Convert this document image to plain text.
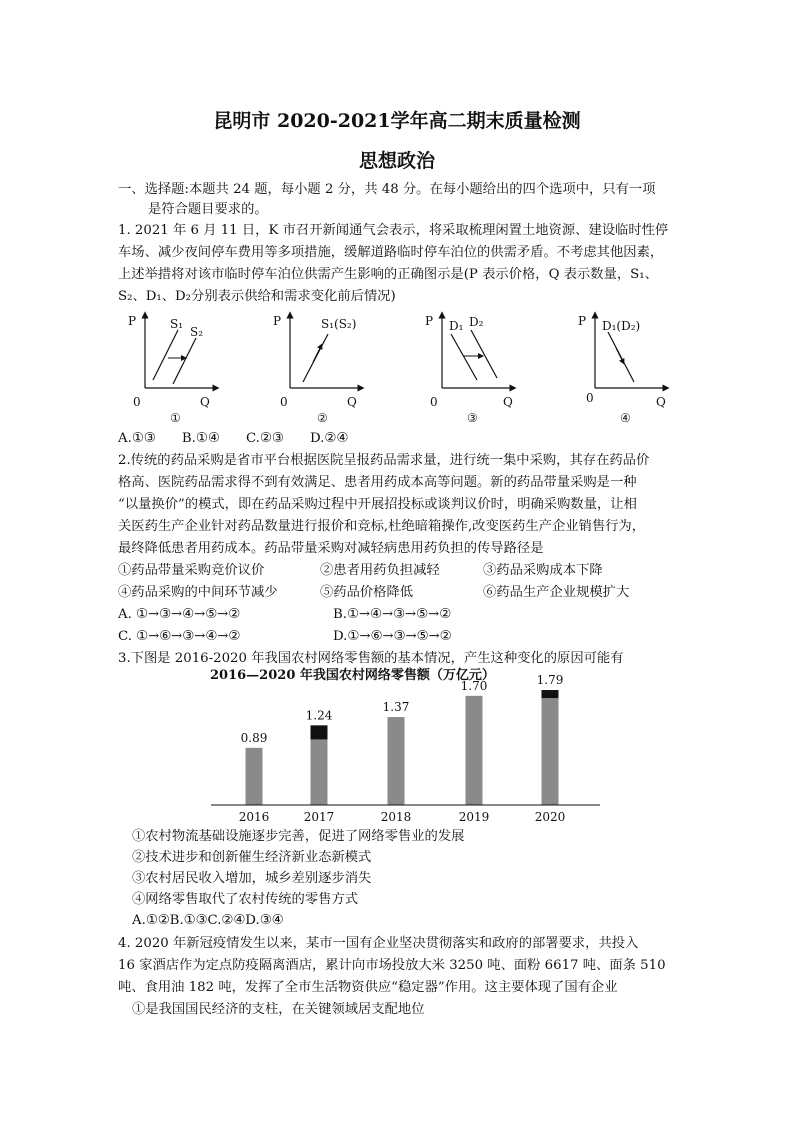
昆明市 2020-2021学年高二期末质量检测
思想政治
一、选择题:本题共 24 题，每小题 2 分，共 48 分。在每小题给出的四个选项中，只有一项
是符合题目要求的。
1. 2021 年 6 月 11 日，K 市召开新闻通气会表示，将采取梳理闲置土地资源、建设临时性停
车场、减少夜间停车费用等多项措施，缓解道路临时停车泊位的供需矛盾。不考虑其他因素，
上述举措将对该市临时停车泊位供需产生影响的正确图示是(P 表示价格，Q 表示数量，S₁、
S₂、D₁、D₂分别表示供给和需求变化前后情况)
P
Q
0
S₁
S₂
①
P
Q
0
S₁(S₂)
②
P
Q
0
D₁ D₂
③
P
Q
0
D₁(D₂)
④
A.①③ B.①④ C.②③ D.②④
2.传统的药品采购是省市平台根据医院呈报药品需求量，进行统一集中采购，其存在药品价
格高、医院药品需求得不到有效满足、患者用药成本高等问题。新的药品带量采购是一种
“以量换价”的模式，即在药品采购过程中开展招投标或谈判议价时，明确采购数量，让相
关医药生产企业针对药品数量进行报价和竞标,杜绝暗箱操作,改变医药生产企业销售行为，
最终降低患者用药成本。药品带量采购对减轻病患用药负担的传导路径是
①药品带量采购竞价议价	②患者用药负担减轻	③药品采购成本下降
④药品采购的中间环节减少	⑤药品价格降低	⑥药品生产企业规模扩大
A. ①→③→④→⑤→②	B.①→④→③→⑤→②
C. ①→⑥→③→④→②	D.①→⑥→③→⑤→②
3.下图是 2016-2020 年我国农村网络零售额的基本情况，产生这种变化的原因可能有
2016—2020 年我国农村网络零售额（万亿元）
0.89
2016
1.24
2017
1.37
2018
1.70
2019
1.79
2020
①农村物流基础设施逐步完善，促进了网络零售业的发展
②技术进步和创新催生经济新业态新模式
③农村居民收入增加，城乡差别逐步消失
④网络零售取代了农村传统的零售方式
A.①②B.①③C.②④D.③④
4. 2020 年新冠疫情发生以来，某市一国有企业坚决贯彻落实和政府的部署要求，共投入
16 家酒店作为定点防疫隔离酒店，累计向市场投放大米 3250 吨、面粉 6617 吨、面条 510
吨、食用油 182 吨，发挥了全市生活物资供应“稳定器”作用。这主要体现了国有企业
①是我国国民经济的支柱，在关键领域居支配地位
